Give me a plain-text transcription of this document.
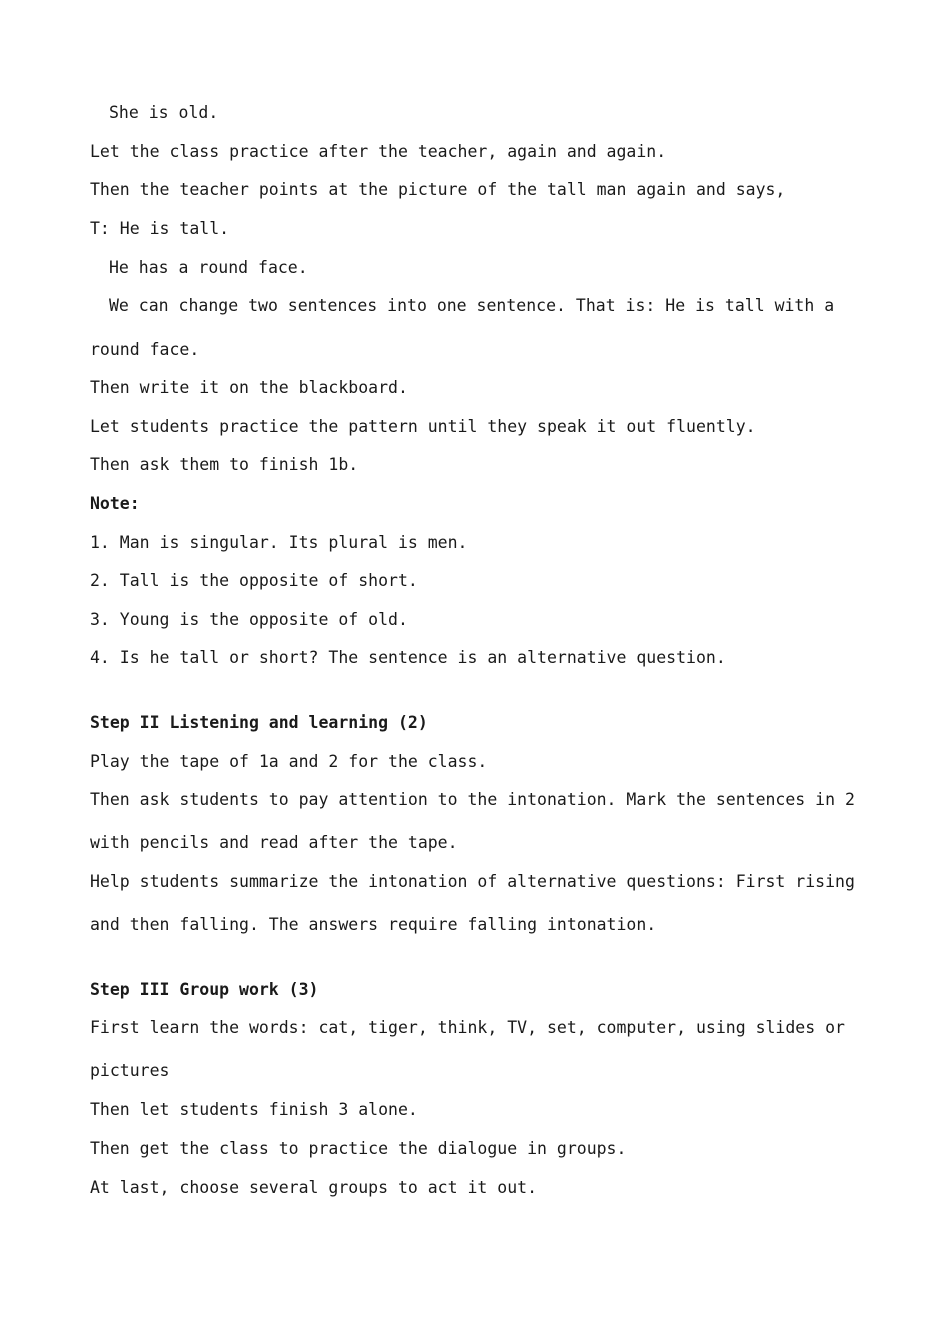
She is old.
Let the class practice after the teacher, again and again.
Then the teacher points at the picture of the tall man again and says,
T: He is tall.
He has a round face.
We can change two sentences into one sentence. That is: He is tall with a
round face.
Then write it on the blackboard.
Let students practice the pattern until they speak it out fluently.
Then ask them to finish 1b.
Note:
1. Man is singular. Its plural is men.
2. Tall is the opposite of short.
3. Young is the opposite of old.
4. Is he tall or short? The sentence is an alternative question.
Step II Listening and learning (2)
Play the tape of 1a and 2 for the class.
Then ask students to pay attention to the intonation. Mark the sentences in 2
with pencils and read after the tape.
Help students summarize the intonation of alternative questions: First rising
and then falling. The answers require falling intonation.
Step III Group work (3)
First learn the words: cat, tiger, think, TV, set, computer, using slides or
pictures
Then let students finish 3 alone.
Then get the class to practice the dialogue in groups.
At last, choose several groups to act it out.
